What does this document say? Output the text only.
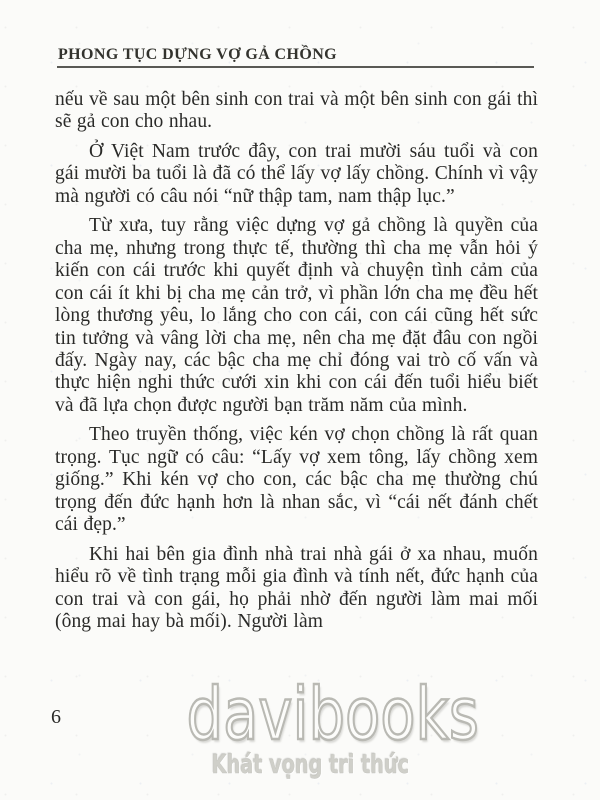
PHONG TỤC DỰNG VỢ GẢ CHỒNG

nếu về sau một bên sinh con trai và một bên sinh con gái thì sẽ gả con cho nhau.

Ở Việt Nam trước đây, con trai mười sáu tuổi và con gái mười ba tuổi là đã có thể lấy vợ lấy chồng. Chính vì vậy mà người có câu nói “nữ thập tam, nam thập lục.”

Từ xưa, tuy rằng việc dựng vợ gả chồng là quyền của cha mẹ, nhưng trong thực tế, thường thì cha mẹ vẫn hỏi ý kiến con cái trước khi quyết định và chuyện tình cảm của con cái ít khi bị cha mẹ cản trở, vì phần lớn cha mẹ đều hết lòng thương yêu, lo lắng cho con cái, con cái cũng hết sức tin tưởng và vâng lời cha mẹ, nên cha mẹ đặt đâu con ngồi đấy. Ngày nay, các bậc cha mẹ chỉ đóng vai trò cố vấn và thực hiện nghi thức cưới xin khi con cái đến tuổi hiểu biết và đã lựa chọn được người bạn trăm năm của mình.

Theo truyền thống, việc kén vợ chọn chồng là rất quan trọng. Tục ngữ có câu: “Lấy vợ xem tông, lấy chồng xem giống.” Khi kén vợ cho con, các bậc cha mẹ thường chú trọng đến đức hạnh hơn là nhan sắc, vì “cái nết đánh chết cái đẹp.”

Khi hai bên gia đình nhà trai nhà gái ở xa nhau, muốn hiểu rõ về tình trạng mỗi gia đình và tính nết, đức hạnh của con trai và con gái, họ phải nhờ đến người làm mai mối (ông mai hay bà mối). Người làm

6	davibooks
Khát vọng tri thức
